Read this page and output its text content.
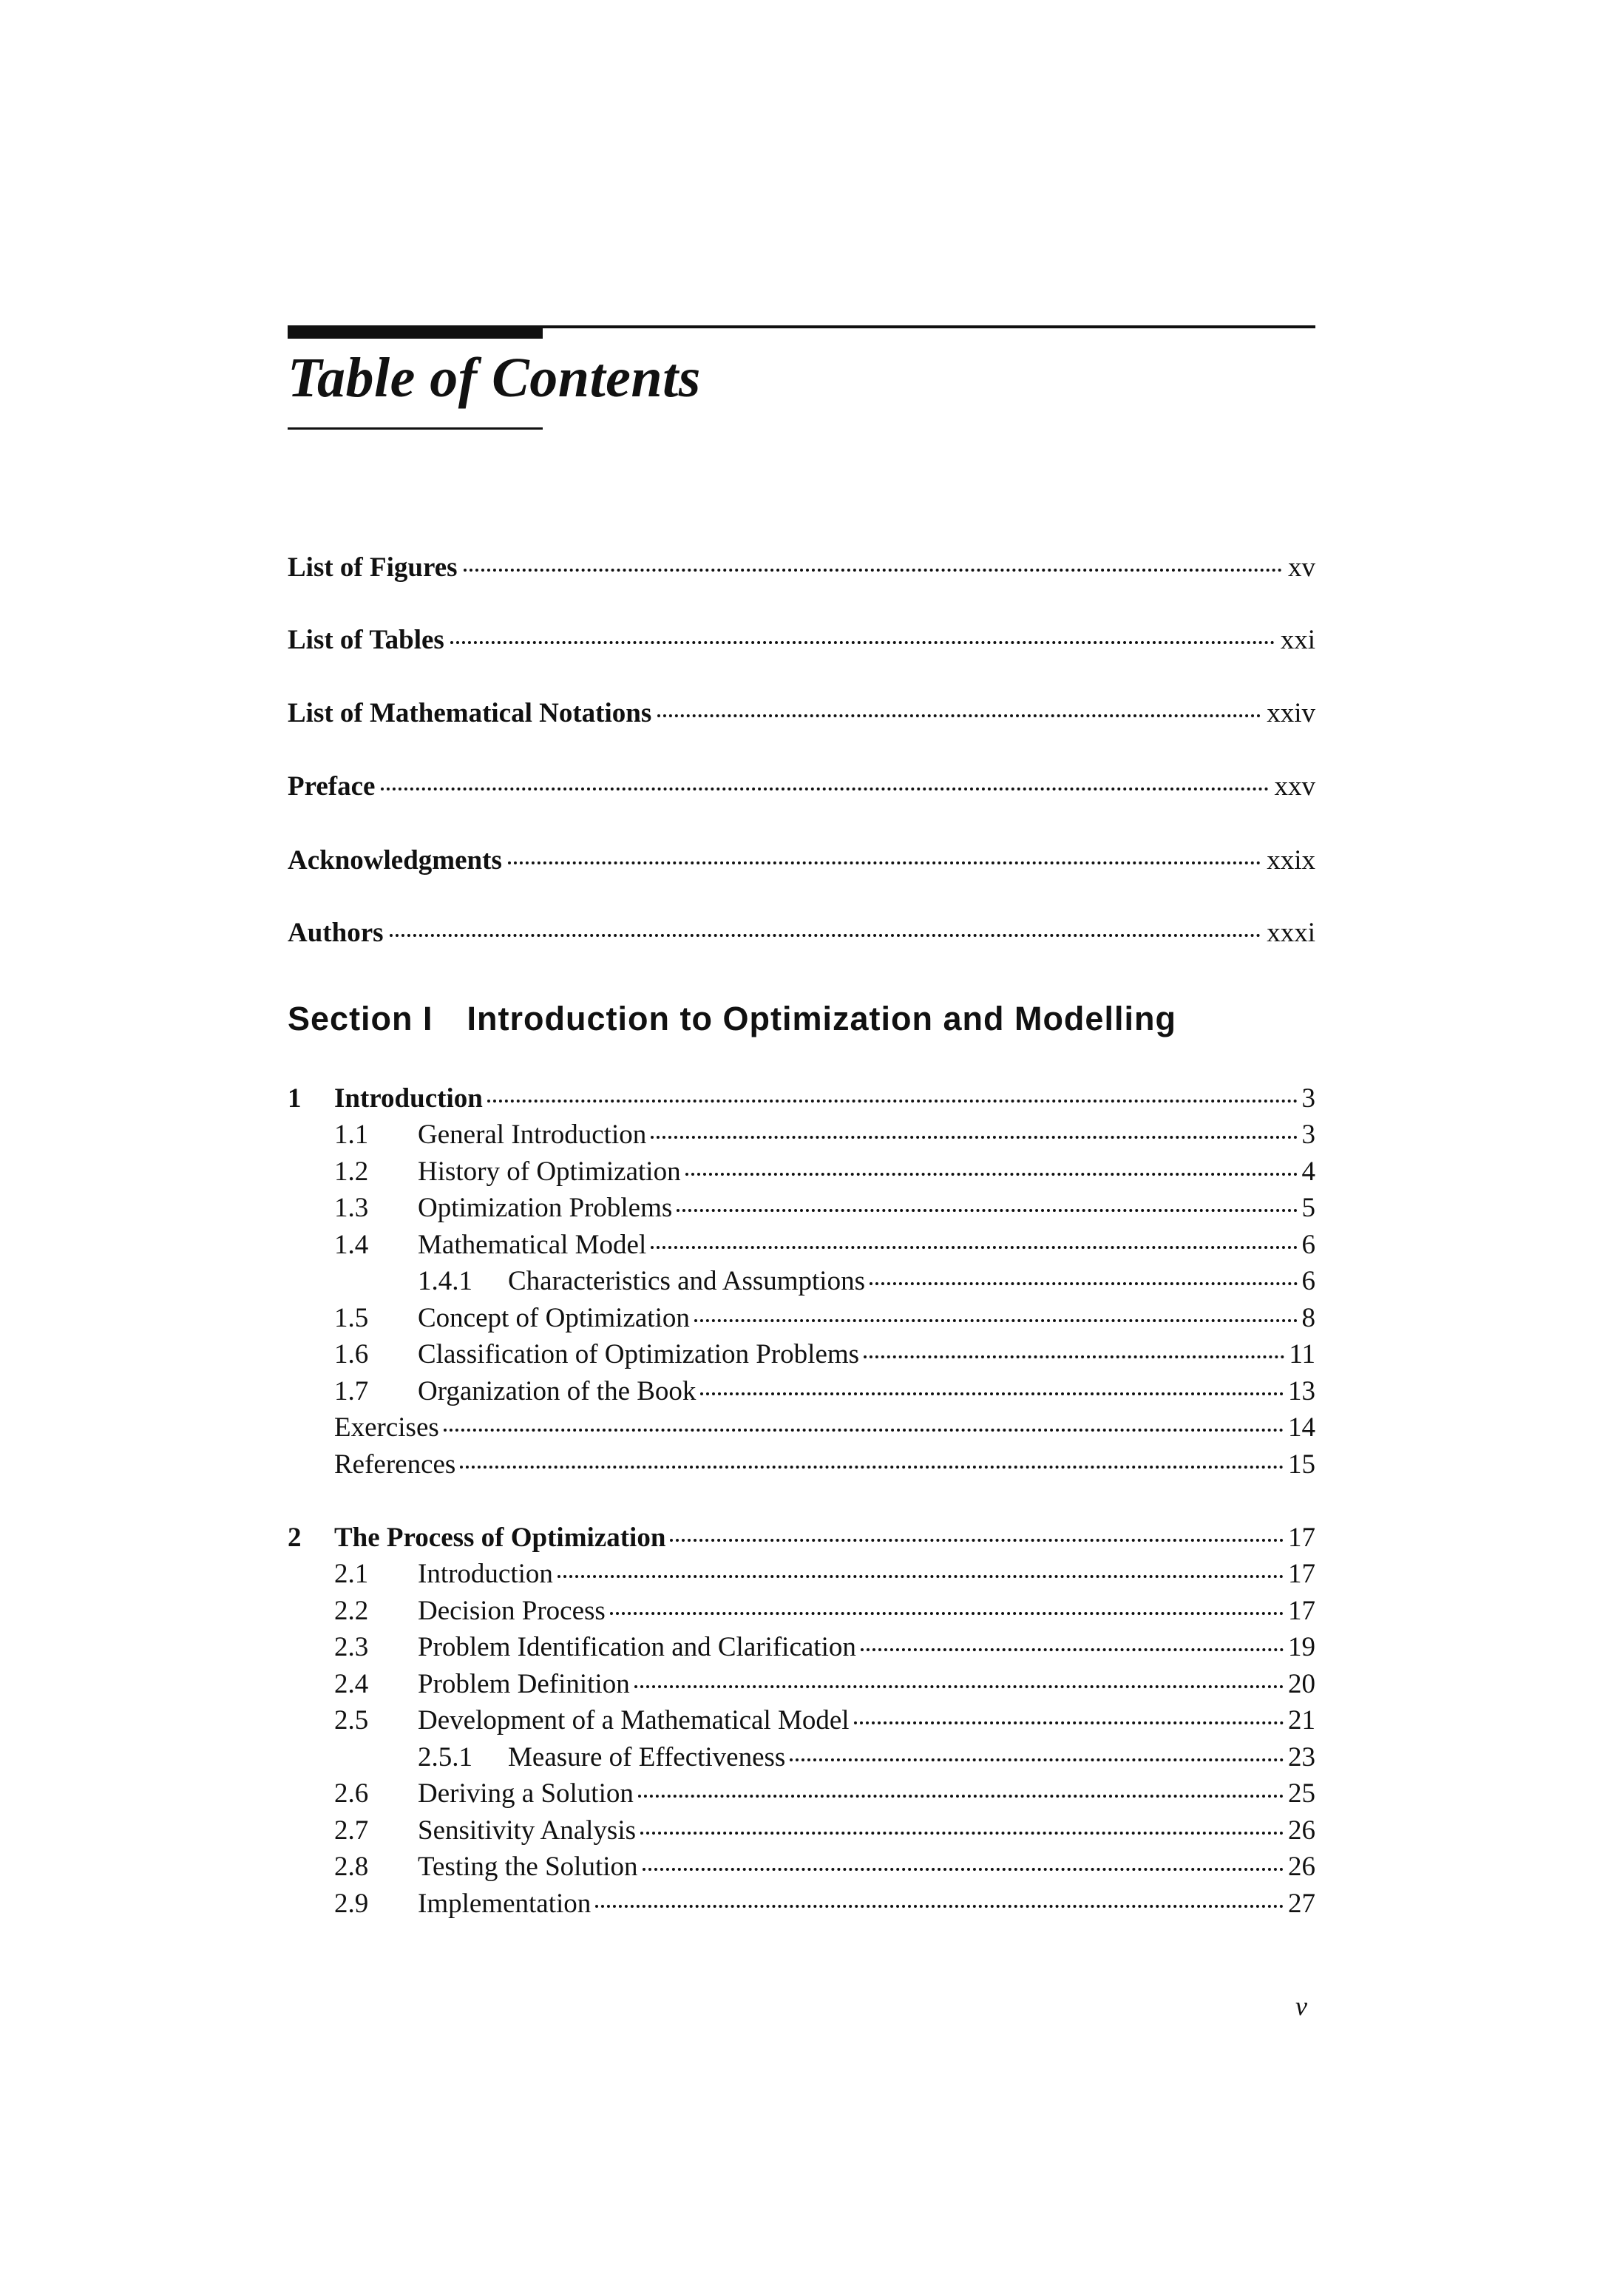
Table of Contents
List of Figures	xv
List of Tables	xxi
List of Mathematical Notations	xxiv
Preface	xxv
Acknowledgments	xxix
Authors	xxxi
Section I Introduction to Optimization and Modelling
1	Introduction	3
1.1	General Introduction	3
1.2	History of Optimization	4
1.3	Optimization Problems	5
1.4	Mathematical Model	6
1.4.1	Characteristics and Assumptions	6
1.5	Concept of Optimization	8
1.6	Classification of Optimization Problems	11
1.7	Organization of the Book	13
Exercises	14
References	15
2	The Process of Optimization	17
2.1	Introduction	17
2.2	Decision Process	17
2.3	Problem Identification and Clarification	19
2.4	Problem Definition	20
2.5	Development of a Mathematical Model	21
2.5.1	Measure of Effectiveness	23
2.6	Deriving a Solution	25
2.7	Sensitivity Analysis	26
2.8	Testing the Solution	26
2.9	Implementation	27
v
